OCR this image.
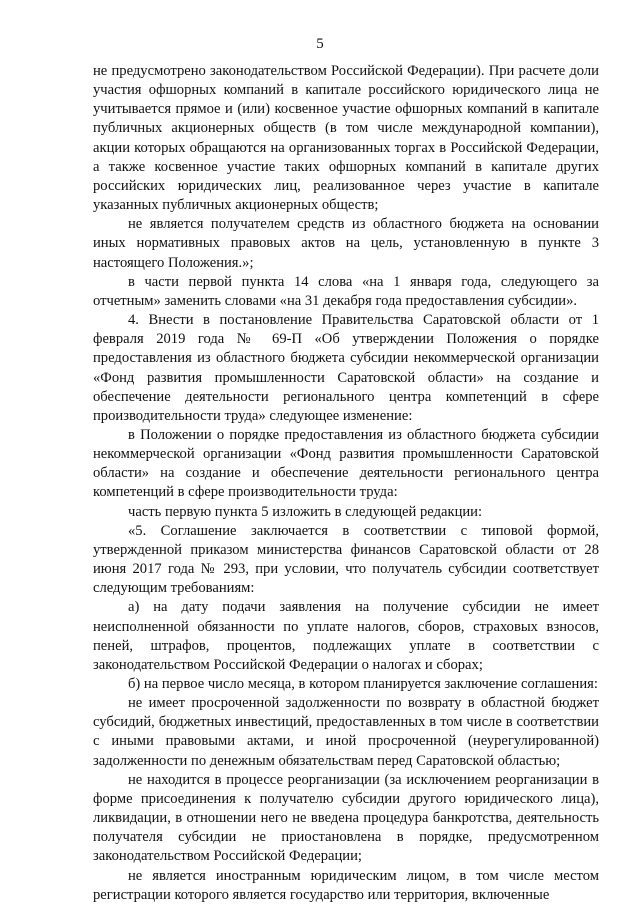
5

не предусмотрено законодательством Российской Федерации). При расчете доли участия офшорных компаний в капитале российского юридического лица не учитывается прямое и (или) косвенное участие офшорных компаний в капитале публичных акционерных обществ (в том числе международной компании), акции которых обращаются на организованных торгах в Российской Федерации, а также косвенное участие таких офшорных компаний в капитале других российских юридических лиц, реализованное через участие в капитале указанных публичных акционерных обществ;

не является получателем средств из областного бюджета на основании иных нормативных правовых актов на цель, установленную в пункте 3 настоящего Положения.»;

в части первой пункта 14 слова «на 1 января года, следующего за отчетным» заменить словами «на 31 декабря года предоставления субсидии».

4. Внести в постановление Правительства Саратовской области от 1 февраля 2019 года № 69-П «Об утверждении Положения о порядке предоставления из областного бюджета субсидии некоммерческой организации «Фонд развития промышленности Саратовской области» на создание и обеспечение деятельности регионального центра компетенций в сфере производительности труда» следующее изменение:

в Положении о порядке предоставления из областного бюджета субсидии некоммерческой организации «Фонд развития промышленности Саратовской области» на создание и обеспечение деятельности регионального центра компетенций в сфере производительности труда:

часть первую пункта 5 изложить в следующей редакции:

«5. Соглашение заключается в соответствии с типовой формой, утвержденной приказом министерства финансов Саратовской области от 28 июня 2017 года № 293, при условии, что получатель субсидии соответствует следующим требованиям:

а) на дату подачи заявления на получение субсидии не имеет неисполненной обязанности по уплате налогов, сборов, страховых взносов, пеней, штрафов, процентов, подлежащих уплате в соответствии с законодательством Российской Федерации о налогах и сборах;

б) на первое число месяца, в котором планируется заключение соглашения:

не имеет просроченной задолженности по возврату в областной бюджет субсидий, бюджетных инвестиций, предоставленных в том числе в соответствии с иными правовыми актами, и иной просроченной (неурегулированной) задолженности по денежным обязательствам перед Саратовской областью;

не находится в процессе реорганизации (за исключением реорганизации в форме присоединения к получателю субсидии другого юридического лица), ликвидации, в отношении него не введена процедура банкротства, деятельность получателя субсидии не приостановлена в порядке, предусмотренном законодательством Российской Федерации;

не является иностранным юридическим лицом, в том числе местом регистрации которого является государство или территория, включенные
